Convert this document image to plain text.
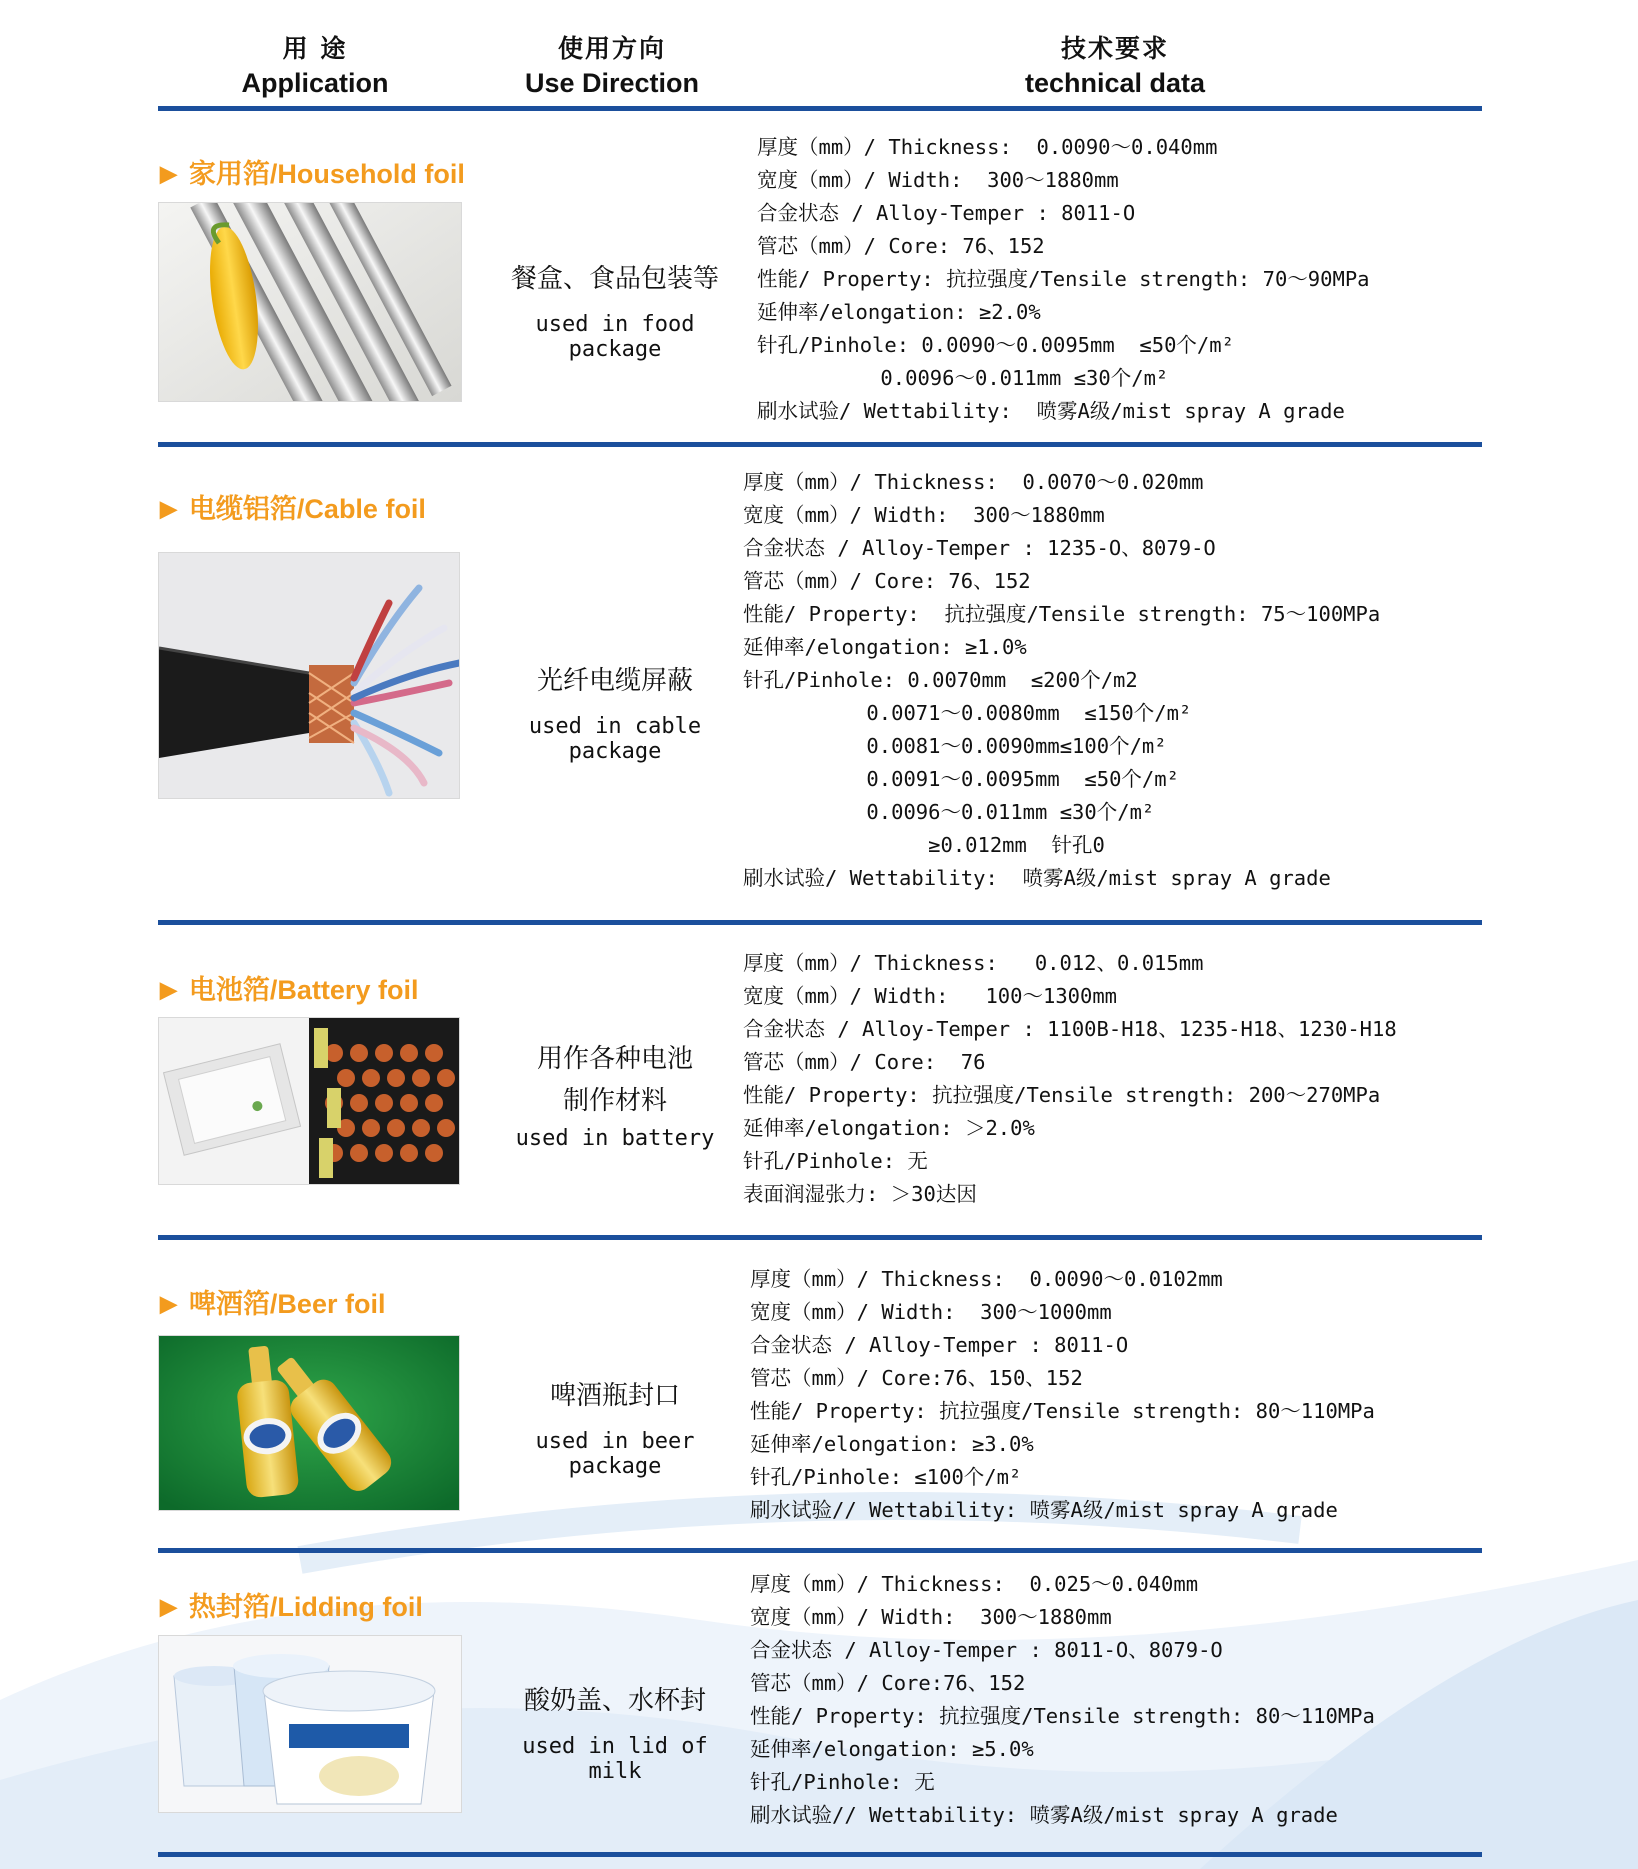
用 途
Application
使用方向
Use Direction
技术要求
technical data
▶ 家用箔/Household foil
餐盒、食品包装等
used in food
package
厚度（mm）/ Thickness:  0.0090～0.040mm
宽度（mm）/ Width:  300～1880mm
合金状态 / Alloy-Temper : 8011-O
管芯（mm）/ Core: 76、152
性能/ Property: 抗拉强度/Tensile strength: 70～90MPa
延伸率/elongation: ≥2.0%
针孔/Pinhole: 0.0090～0.0095mm  ≤50个/m²
0.0096～0.011mm ≤30个/m²
刷水试验/ Wettability:  喷雾A级/mist spray A grade
▶ 电缆铝箔/Cable foil
光纤电缆屏蔽
used in cable
package
厚度（mm）/ Thickness:  0.0070～0.020mm
宽度（mm）/ Width:  300～1880mm
合金状态 / Alloy-Temper : 1235-O、8079-O
管芯（mm）/ Core: 76、152
性能/ Property:  抗拉强度/Tensile strength: 75～100MPa
延伸率/elongation: ≥1.0%
针孔/Pinhole: 0.0070mm  ≤200个/m2
0.0071～0.0080mm  ≤150个/m²
0.0081～0.0090mm≤100个/m²
0.0091～0.0095mm  ≤50个/m²
0.0096～0.011mm ≤30个/m²
≥0.012mm  针孔0
刷水试验/ Wettability:  喷雾A级/mist spray A grade
▶ 电池箔/Battery foil
用作各种电池
制作材料
used in battery
厚度（mm）/ Thickness:   0.012、0.015mm
宽度（mm）/ Width:   100～1300mm
合金状态 / Alloy-Temper : 1100B-H18、1235-H18、1230-H18
管芯（mm）/ Core:  76
性能/ Property: 抗拉强度/Tensile strength: 200～270MPa
延伸率/elongation: ＞2.0%
针孔/Pinhole: 无
表面润湿张力: ＞30达因
▶ 啤酒箔/Beer foil
啤酒瓶封口
used in beer
package
厚度（mm）/ Thickness:  0.0090～0.0102mm
宽度（mm）/ Width:  300～1000mm
合金状态 / Alloy-Temper : 8011-O
管芯（mm）/ Core:76、150、152
性能/ Property: 抗拉强度/Tensile strength: 80～110MPa
延伸率/elongation: ≥3.0%
针孔/Pinhole: ≤100个/m²
刷水试验// Wettability: 喷雾A级/mist spray A grade
▶ 热封箔/Lidding foil
酸奶盖、水杯封
used in lid of
milk
厚度（mm）/ Thickness:  0.025～0.040mm
宽度（mm）/ Width:  300～1880mm
合金状态 / Alloy-Temper : 8011-O、8079-O
管芯（mm）/ Core:76、152
性能/ Property: 抗拉强度/Tensile strength: 80～110MPa
延伸率/elongation: ≥5.0%
针孔/Pinhole: 无
刷水试验// Wettability: 喷雾A级/mist spray A grade
